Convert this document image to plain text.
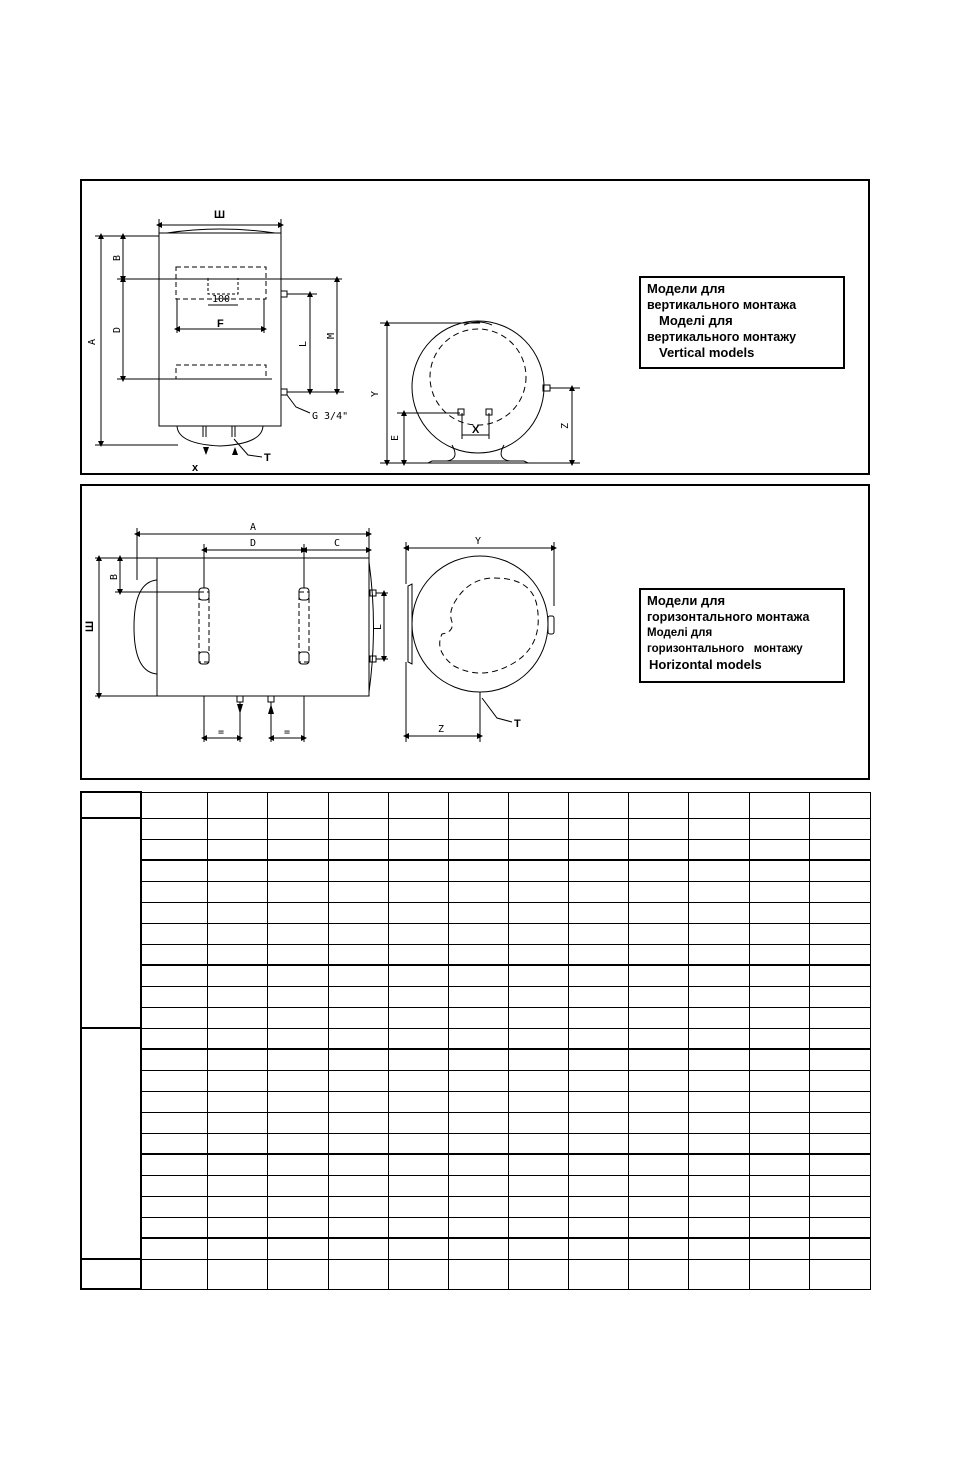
Ш
A
B
D
100
F
L
M
G 3/4"
T
x
Y
E
X	Z
Модели для
вертикального монтажа
Моделі для
вертикального монтажу
Vertical models
A
D	C
B
Ш	L
=	=
Y
Z	T
Модели для
горизонтального монтажа
Моделі для
горизонтального   монтажу
Horizontal models
